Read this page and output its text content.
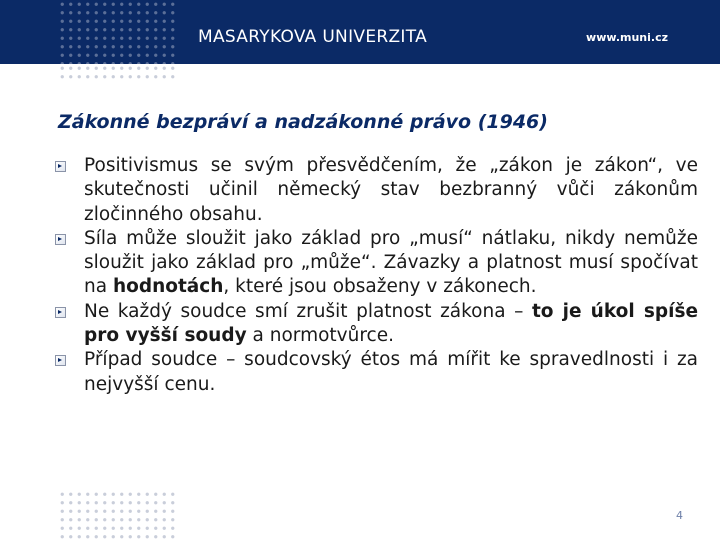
MASARYKOVA UNIVERZITA	www.muni.cz
Zákonné bezpráví a nadzákonné právo (1946)
Positivismus se svým přesvědčením, že „zákon je zákon“, ve skutečnosti učinil německý stav bezbranný vůči zákonům zločinného obsahu.
Síla může sloužit jako základ pro „musí“ nátlaku, nikdy nemůže sloužit jako základ pro „může“. Závazky a platnost musí spočívat na hodnotách, které jsou obsaženy v zákonech.
Ne každý soudce smí zrušit platnost zákona – to je úkol spíše pro vyšší soudy a normotvůrce.
Případ soudce – soudcovský étos má mířit ke spravedlnosti i za nejvyšší cenu.
4
